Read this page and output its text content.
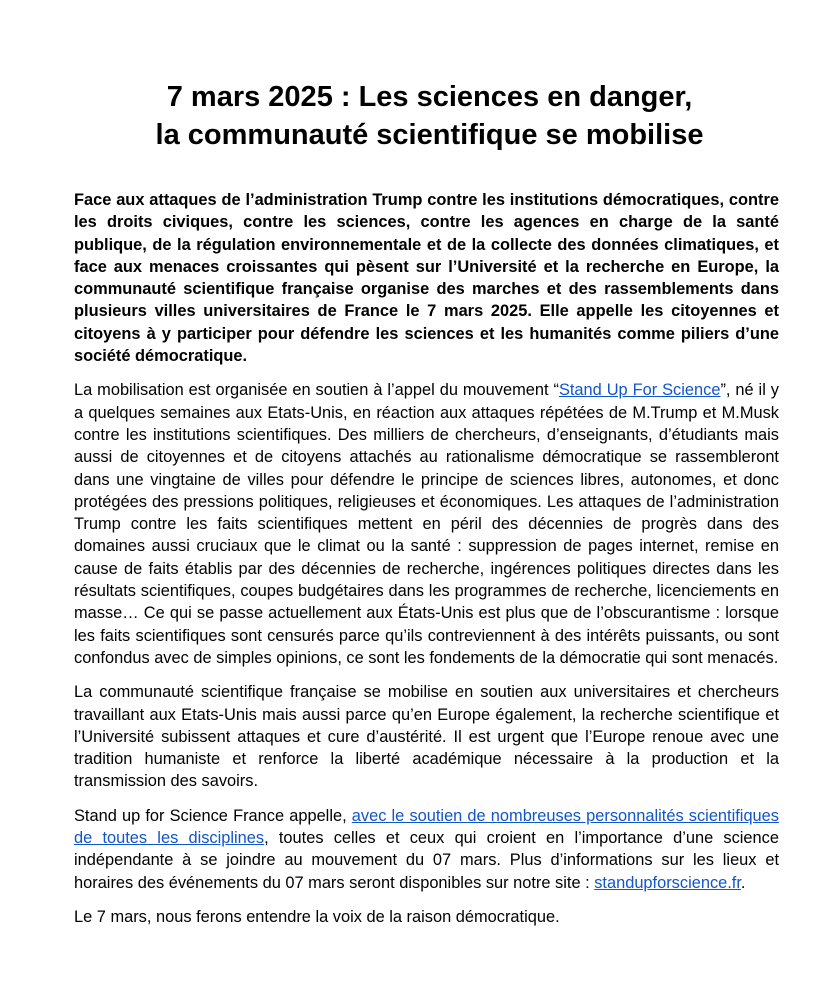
7 mars 2025 : Les sciences en danger,
la communauté scientifique se mobilise

Face aux attaques de l’administration Trump contre les institutions démocratiques, contre les droits civiques, contre les sciences, contre les agences en charge de la santé publique, de la régulation environnementale et de la collecte des données climatiques, et face aux menaces croissantes qui pèsent sur l’Université et la recherche en Europe, la communauté scientifique française organise des marches et des rassemblements dans plusieurs villes universitaires de France le 7 mars 2025. Elle appelle les citoyennes et citoyens à y participer pour défendre les sciences et les humanités comme piliers d’une société démocratique.

La mobilisation est organisée en soutien à l’appel du mouvement “Stand Up For Science”, né il y a quelques semaines aux Etats-Unis, en réaction aux attaques répétées de M.Trump et M.Musk contre les institutions scientifiques. Des milliers de chercheurs, d’enseignants, d’étudiants mais aussi de citoyennes et de citoyens attachés au rationalisme démocratique se rassembleront dans une vingtaine de villes pour défendre le principe de sciences libres, autonomes, et donc protégées des pressions politiques, religieuses et économiques. Les attaques de l’administration Trump contre les faits scientifiques mettent en péril des décennies de progrès dans des domaines aussi cruciaux que le climat ou la santé : suppression de pages internet, remise en cause de faits établis par des décennies de recherche, ingérences politiques directes dans les résultats scientifiques, coupes budgétaires dans les programmes de recherche, licenciements en masse… Ce qui se passe actuellement aux États-Unis est plus que de l’obscurantisme : lorsque les faits scientifiques sont censurés parce qu’ils contreviennent à des intérêts puissants, ou sont confondus avec de simples opinions, ce sont les fondements de la démocratie qui sont menacés.

La communauté scientifique française se mobilise en soutien aux universitaires et chercheurs travaillant aux Etats-Unis mais aussi parce qu’en Europe également, la recherche scientifique et l’Université subissent attaques et cure d’austérité. Il est urgent que l’Europe renoue avec une tradition humaniste et renforce la liberté académique nécessaire à la production et la transmission des savoirs.

Stand up for Science France appelle, avec le soutien de nombreuses personnalités scientifiques de toutes les disciplines, toutes celles et ceux qui croient en l’importance d’une science indépendante à se joindre au mouvement du 07 mars. Plus d’informations sur les lieux et horaires des événements du 07 mars seront disponibles sur notre site : standupforscience.fr.

Le 7 mars, nous ferons entendre la voix de la raison démocratique.
